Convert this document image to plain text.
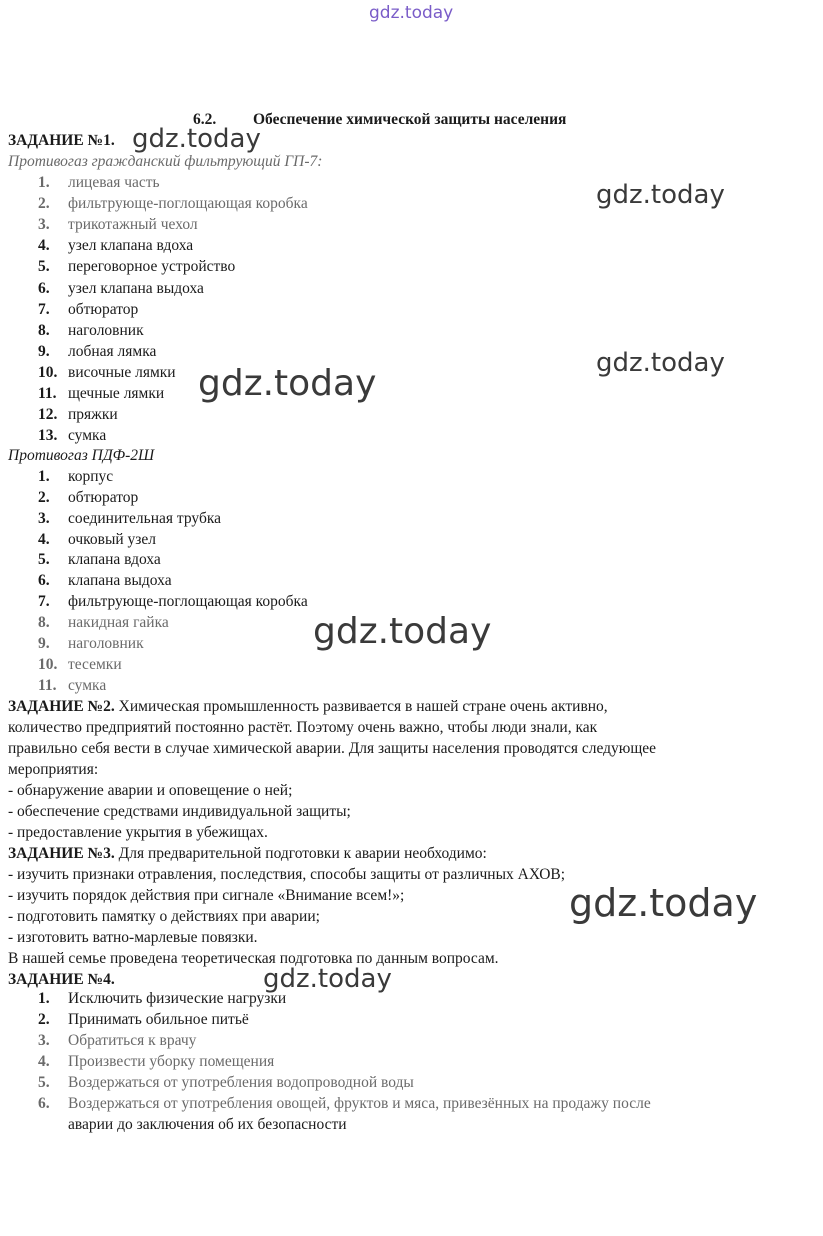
gdz.today
gdz.today
gdz.today
gdz.today
gdz.today
gdz.today
gdz.today
gdz.today
6.2. Обеспечение химической защиты населения
ЗАДАНИЕ №1.
Противогаз гражданский фильтрующий ГП-7:
1. лицевая часть
2. фильтрующе-поглощающая коробка
3. трикотажный чехол
4. узел клапана вдоха
5. переговорное устройство
6. узел клапана выдоха
7. обтюратор
8. наголовник
9. лобная лямка
10. височные лямки
11. щечные лямки
12. пряжки
13. сумка
Противогаз ПДФ-2Ш
1. корпус
2. обтюратор
3. соединительная трубка
4. очковый узел
5. клапана вдоха
6. клапана выдоха
7. фильтрующе-поглощающая коробка
8. накидная гайка
9. наголовник
10. тесемки
11. сумка
ЗАДАНИЕ №2. Химическая промышленность развивается в нашей стране очень активно,
количество предприятий постоянно растёт. Поэтому очень важно, чтобы люди знали, как
правильно себя вести в случае химической аварии. Для защиты населения проводятся следующее
мероприятия:
- обнаружение аварии и оповещение о ней;
- обеспечение средствами индивидуальной защиты;
- предоставление укрытия в убежищах.
ЗАДАНИЕ №3. Для предварительной подготовки к аварии необходимо:
- изучить признаки отравления, последствия, способы защиты от различных АХОВ;
- изучить порядок действия при сигнале «Внимание всем!»;
- подготовить памятку о действиях при аварии;
- изготовить ватно-марлевые повязки.
В нашей семье проведена теоретическая подготовка по данным вопросам.
ЗАДАНИЕ №4.
1. Исключить физические нагрузки
2. Принимать обильное питьё
3. Обратиться к врачу
4. Произвести уборку помещения
5. Воздержаться от употребления водопроводной воды
6. Воздержаться от употребления овощей, фруктов и мяса, привезённых на продажу после
аварии до заключения об их безопасности
